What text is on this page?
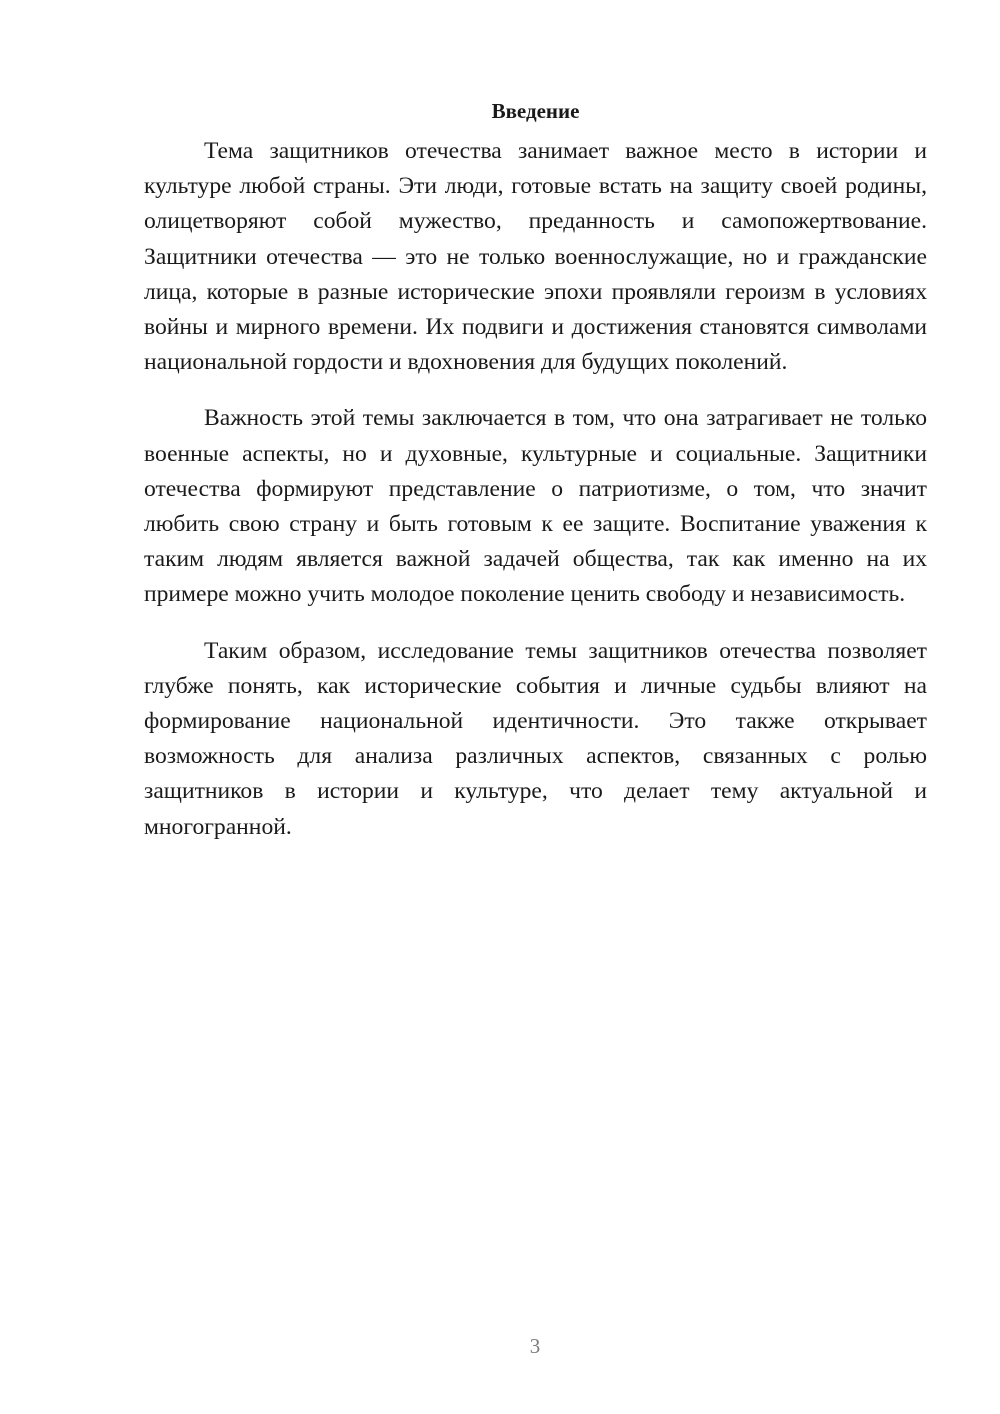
Введение

Тема защитников отечества занимает важное место в истории и культуре любой страны. Эти люди, готовые встать на защиту своей родины, олицетворяют собой мужество, преданность и самопожертвование. Защитники отечества — это не только военнослужащие, но и гражданские лица, которые в разные исторические эпохи проявляли героизм в условиях войны и мирного времени. Их подвиги и достижения становятся символами национальной гордости и вдохновения для будущих поколений.

Важность этой темы заключается в том, что она затрагивает не только военные аспекты, но и духовные, культурные и социальные. Защитники отечества формируют представление о патриотизме, о том, что значит любить свою страну и быть готовым к ее защите. Воспитание уважения к таким людям является важной задачей общества, так как именно на их примере можно учить молодое поколение ценить свободу и независимость.

Таким образом, исследование темы защитников отечества позволяет глубже понять, как исторические события и личные судьбы влияют на формирование национальной идентичности. Это также открывает возможность для анализа различных аспектов, связанных с ролью защитников в истории и культуре, что делает тему актуальной и многогранной.

3
